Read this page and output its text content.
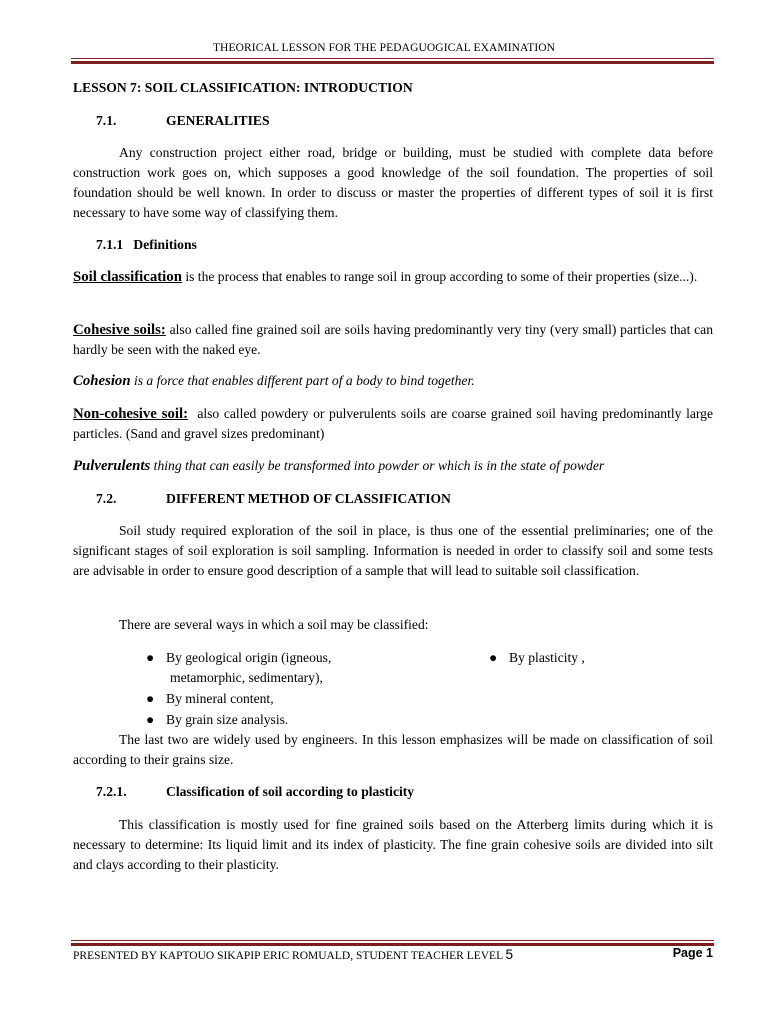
THEORICAL LESSON FOR THE PEDAGUOGICAL EXAMINATION
LESSON 7: SOIL CLASSIFICATION: INTRODUCTION
7.1.	GENERALITIES
Any construction project either road, bridge or building, must be studied with complete data before construction work goes on, which supposes a good knowledge of the soil foundation. The properties of soil foundation should be well known. In order to discuss or master the properties of different types of soil it is first necessary to have some way of classifying them.
7.1.1   Definitions
Soil classification is the process that enables to range soil in group according to some of their properties (size...).
Cohesive soils: also called fine grained soil are soils having predominantly very tiny (very small) particles that can hardly be seen with the naked eye.
Cohesion is a force that enables different part of a body to bind together.
Non-cohesive soil:  also called powdery or pulverulents soils are coarse grained soil having predominantly large particles. (Sand and gravel sizes predominant)
Pulverulents thing that can easily be transformed into powder or which is in the state of powder
7.2.	DIFFERENT METHOD OF CLASSIFICATION
Soil study required exploration of the soil in place, is thus one of the essential preliminaries; one of the significant stages of soil exploration is soil sampling. Information is needed in order to classify soil and some tests are advisable in order to ensure good description of a sample that will lead to suitable soil classification.
There are several ways in which a soil may be classified:
● By geological origin (igneous,
metamorphic, sedimentary),
● By mineral content,
● By grain size analysis.
● By plasticity ,
The last two are widely used by engineers. In this lesson emphasizes will be made on classification of soil according to their grains size.
7.2.1.	Classification of soil according to plasticity
This classification is mostly used for fine grained soils based on the Atterberg limits during which it is necessary to determine: Its liquid limit and its index of plasticity. The fine grain cohesive soils are divided into silt and clays according to their plasticity.
PRESENTED BY KAPTOUO SIKAPIP ERIC ROMUALD, STUDENT TEACHER LEVEL 5	Page 1
